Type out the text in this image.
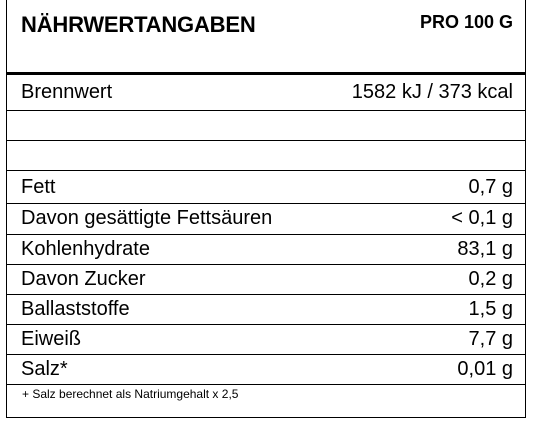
NÄHRWERTANGABEN	PRO 100 G
Brennwert	1582 kJ / 373 kcal
Fett	0,7 g
Davon gesättigte Fettsäuren	< 0,1 g
Kohlenhydrate	83,1 g
Davon Zucker	0,2 g
Ballaststoffe	1,5 g
Eiweiß	7,7 g
Salz*	0,01 g
+ Salz berechnet als Natriumgehalt x 2,5
